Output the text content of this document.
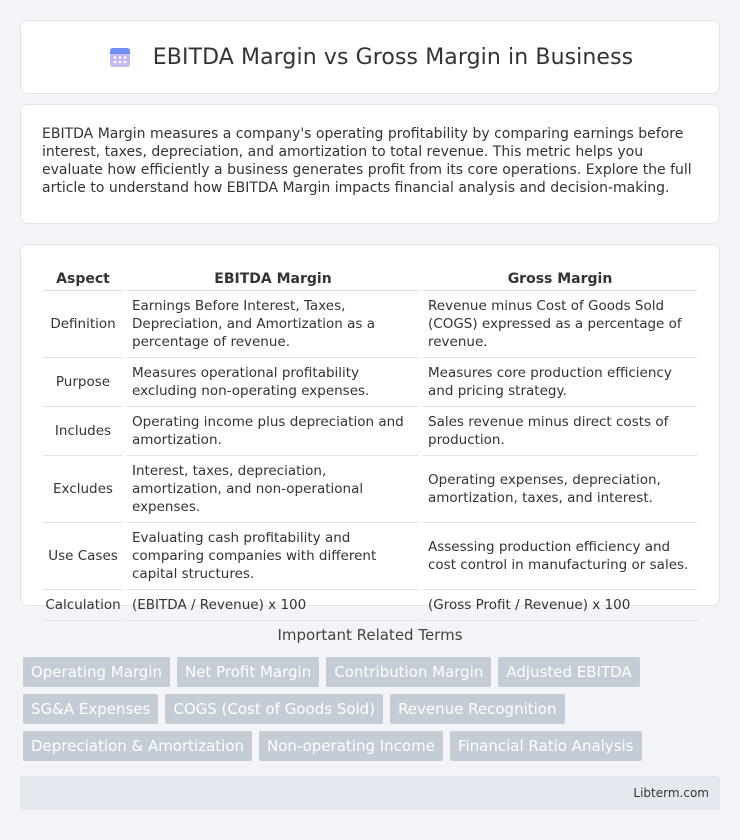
EBITDA Margin vs Gross Margin in Business

EBITDA Margin measures a company's operating profitability by comparing earnings before interest, taxes, depreciation, and amortization to total revenue. This metric helps you evaluate how efficiently a business generates profit from its core operations. Explore the full article to understand how EBITDA Margin impacts financial analysis and decision-making.

Aspect	EBITDA Margin	Gross Margin
Definition	Earnings Before Interest, Taxes, Depreciation, and Amortization as a percentage of revenue.	Revenue minus Cost of Goods Sold (COGS) expressed as a percentage of revenue.
Purpose	Measures operational profitability excluding non-operating expenses.	Measures core production efficiency and pricing strategy.
Includes	Operating income plus depreciation and amortization.	Sales revenue minus direct costs of production.
Excludes	Interest, taxes, depreciation, amortization, and non-operational expenses.	Operating expenses, depreciation, amortization, taxes, and interest.
Use Cases	Evaluating cash profitability and comparing companies with different capital structures.	Assessing production efficiency and cost control in manufacturing or sales.
Calculation	(EBITDA / Revenue) x 100	(Gross Profit / Revenue) x 100
Important Related Terms
Operating Margin	Net Profit Margin	Contribution Margin	Adjusted EBITDA
SG&A Expenses	COGS (Cost of Goods Sold)	Revenue Recognition
Depreciation & Amortization	Non-operating Income	Financial Ratio Analysis
Libterm.com
